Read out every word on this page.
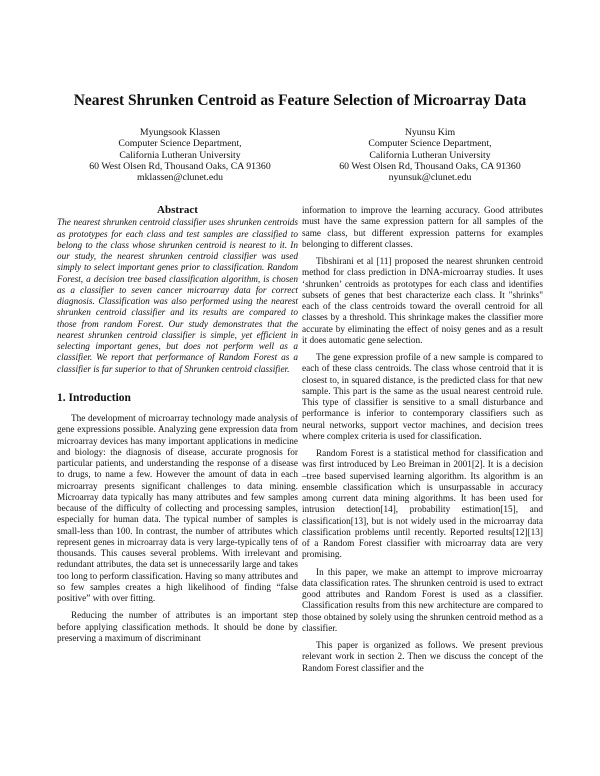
Nearest Shrunken Centroid as Feature Selection of Microarray Data
Myungsook Klassen
Computer Science Department,
California Lutheran University
60 West Olsen Rd, Thousand Oaks, CA 91360
mklassen@clunet.edu
Nyunsu Kim
Computer Science Department,
California Lutheran University
60 West Olsen Rd, Thousand Oaks, CA 91360
nyunsuk@clunet.edu
Abstract

The nearest shrunken centroid classifier uses shrunken centroids as prototypes for each class and test samples are classified to belong to the class whose shrunken centroid is nearest to it. In our study, the nearest shrunken centroid classifier was used simply to select important genes prior to classification. Random Forest, a decision tree based classification algorithm, is chosen as a classifier to seven cancer microarray data for correct diagnosis. Classification was also performed using the nearest shrunken centroid classifier and its results are compared to those from random Forest. Our study demonstrates that the nearest shrunken centroid classifier is simple, yet efficient in selecting important genes, but does not perform well as a classifier. We report that performance of Random Forest as a classifier is far superior to that of Shrunken centroid classifier.

1. Introduction

The development of microarray technology made analysis of gene expressions possible. Analyzing gene expression data from microarray devices has many important applications in medicine and biology: the diagnosis of disease, accurate prognosis for particular patients, and understanding the response of a disease to drugs, to name a few. However the amount of data in each microarray presents significant challenges to data mining. Microarray data typically has many attributes and few samples because of the difficulty of collecting and processing samples, especially for human data. The typical number of samples is small-less than 100. In contrast, the number of attributes which represent genes in microarray data is very large-typically tens of thousands. This causes several problems. With irrelevant and redundant attributes, the data set is unnecessarily large and takes too long to perform classification. Having so many attributes and so few samples creates a high likelihood of finding “false positive” with over fitting.

Reducing the number of attributes is an important step before applying classification methods. It should be done by preserving a maximum of discriminant

information to improve the learning accuracy. Good attributes must have the same expression pattern for all samples of the same class, but different expression patterns for examples belonging to different classes.

Tibshirani et al [11] proposed the nearest shrunken centroid method for class prediction in DNA-microarray studies. It uses ‘shrunken’ centroids as prototypes for each class and identifies subsets of genes that best characterize each class. It "shrinks" each of the class centroids toward the overall centroid for all classes by a threshold. This shrinkage makes the classifier more accurate by eliminating the effect of noisy genes and as a result it does automatic gene selection.

The gene expression profile of a new sample is compared to each of these class centroids. The class whose centroid that it is closest to, in squared distance, is the predicted class for that new sample. This part is the same as the usual nearest centroid rule. This type of classifier is sensitive to a small disturbance and performance is inferior to contemporary classifiers such as neural networks, support vector machines, and decision trees where complex criteria is used for classification.

Random Forest is a statistical method for classification and was first introduced by Leo Breiman in 2001[2]. It is a decision –tree based supervised learning algorithm. Its algorithm is an ensemble classification which is unsurpassable in accuracy among current data mining algorithms. It has been used for intrusion detection[14], probability estimation[15], and classification[13], but is not widely used in the microarray data classification problems until recently. Reported results[12][13] of a Random Forest classifier with microarray data are very promising.

In this paper, we make an attempt to improve microarray data classification rates. The shrunken centroid is used to extract good attributes and Random Forest is used as a classifier. Classification results from this new architecture are compared to those obtained by solely using the shrunken centroid method as a classifier.

This paper is organized as follows. We present previous relevant work in section 2. Then we discuss the concept of the Random Forest classifier and the
